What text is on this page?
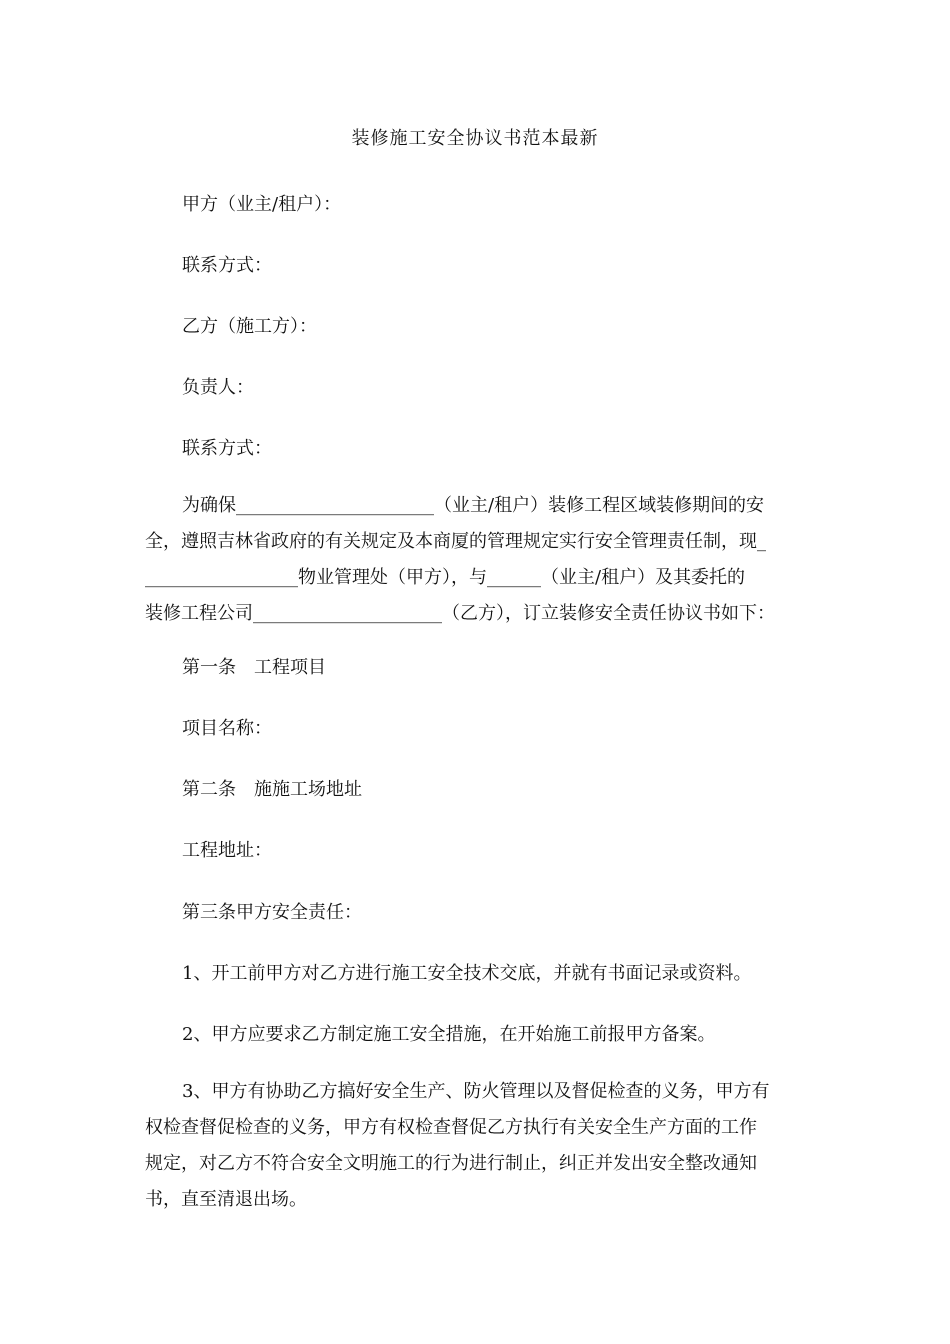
装修施工安全协议书范本最新
甲方（业主/租户）：
联系方式：
乙方（施工方）：
负责人：
联系方式：
为确保______________________（业主/租户）装修工程区域装修期间的安
全，遵照吉林省政府的有关规定及本商厦的管理规定实行安全管理责任制，现_
_________________物业管理处（甲方），与______（业主/租户）及其委托的
装修工程公司_____________________（乙方），订立装修安全责任协议书如下：
第一条　工程项目
项目名称：
第二条　施施工场地址
工程地址：
第三条甲方安全责任：
1、开工前甲方对乙方进行施工安全技术交底，并就有书面记录或资料。
2、甲方应要求乙方制定施工安全措施，在开始施工前报甲方备案。
3、甲方有协助乙方搞好安全生产、防火管理以及督促检查的义务，甲方有
权检查督促检查的义务，甲方有权检查督促乙方执行有关安全生产方面的工作
规定，对乙方不符合安全文明施工的行为进行制止，纠正并发出安全整改通知
书，直至清退出场。
